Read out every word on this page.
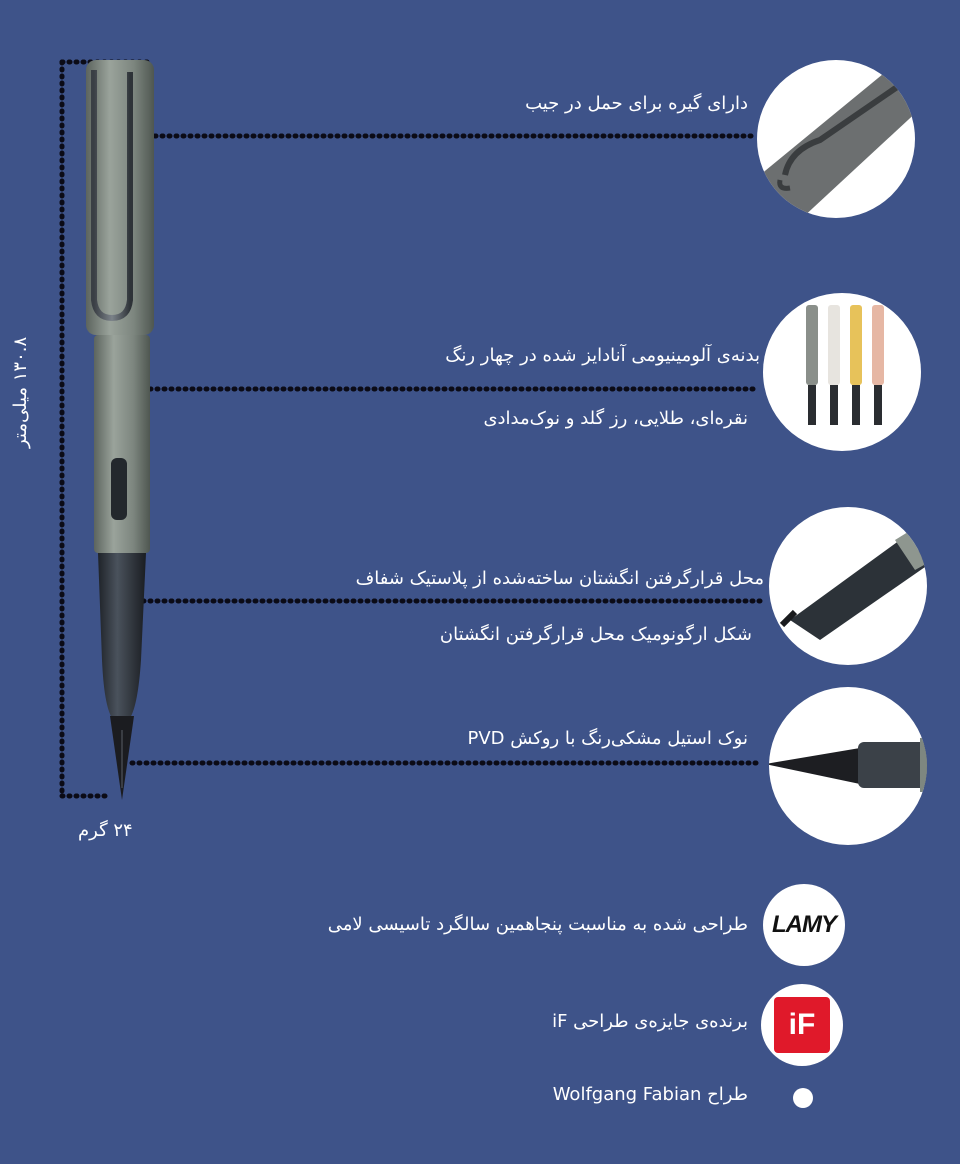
دارای گیره برای حمل در جیب
بدنه‌ی آلومینیومی آنادایز شده در چهار رنگ
نقره‌ای، طلایی، رز گلد و نوک‌مدادی
محل قرارگرفتن انگشتان ساخته‌شده از پلاستیک شفاف
شکل ارگونومیک محل قرارگرفتن انگشتان
نوک استیل مشکی‌رنگ با روکش PVD
۱۳۰.۸ میلی‌متر
۲۴ گرم
LAMY
طراحی شده به مناسبت پنجاهمین سالگرد تاسیسی لامی
iF
برنده‌ی جایزه‌ی طراحی iF
طراح Wolfgang Fabian
